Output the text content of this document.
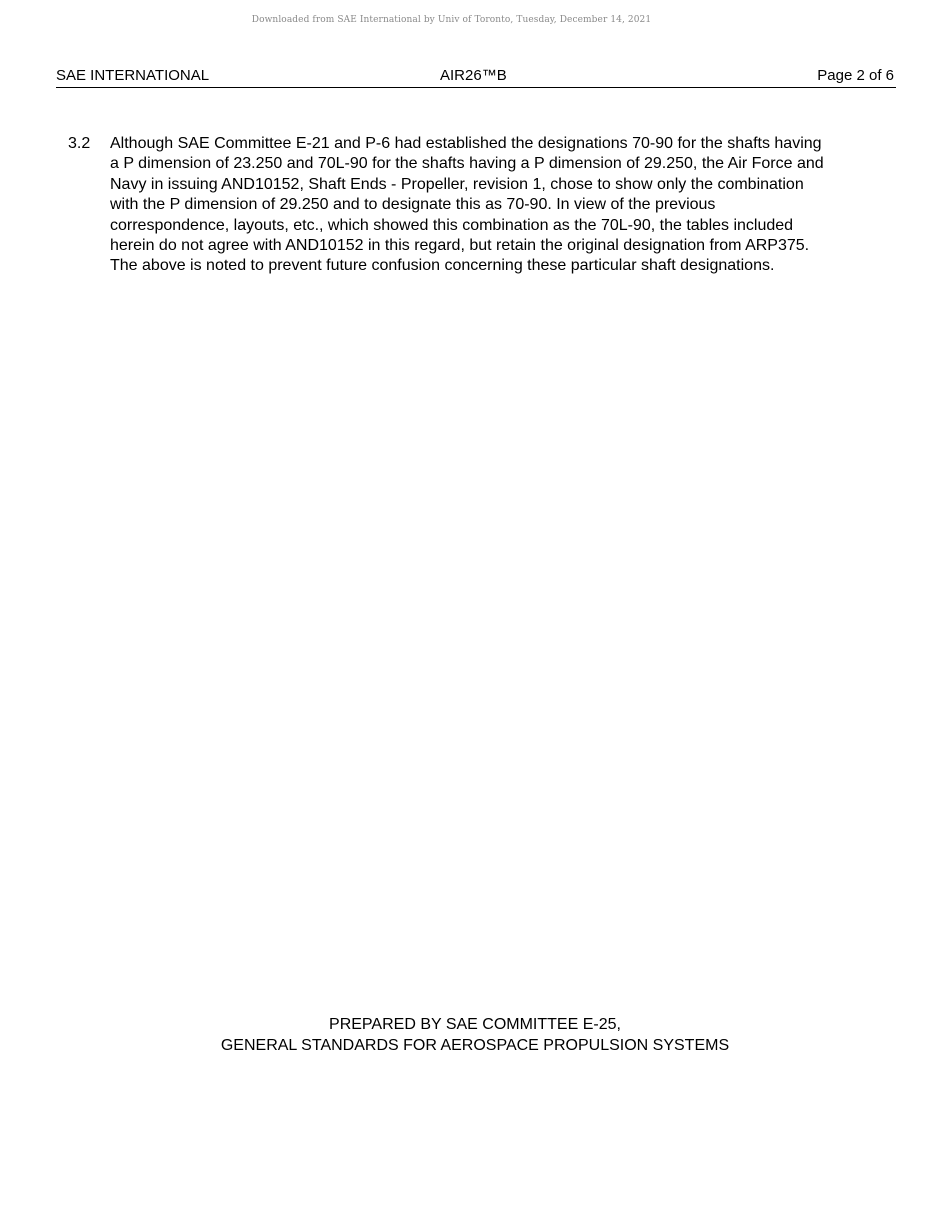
Downloaded from SAE International by Univ of Toronto, Tuesday, December 14, 2021
SAE INTERNATIONAL	AIR26™B	Page 2 of 6
3.2 Although SAE Committee E-21 and P-6 had established the designations 70-90 for the shafts having
a P dimension of 23.250 and 70L-90 for the shafts having a P dimension of 29.250, the Air Force and
Navy in issuing AND10152, Shaft Ends - Propeller, revision 1, chose to show only the combination
with the P dimension of 29.250 and to designate this as 70-90. In view of the previous
correspondence, layouts, etc., which showed this combination as the 70L-90, the tables included
herein do not agree with AND10152 in this regard, but retain the original designation from ARP375.
The above is noted to prevent future confusion concerning these particular shaft designations.
PREPARED BY SAE COMMITTEE E-25,
GENERAL STANDARDS FOR AEROSPACE PROPULSION SYSTEMS
